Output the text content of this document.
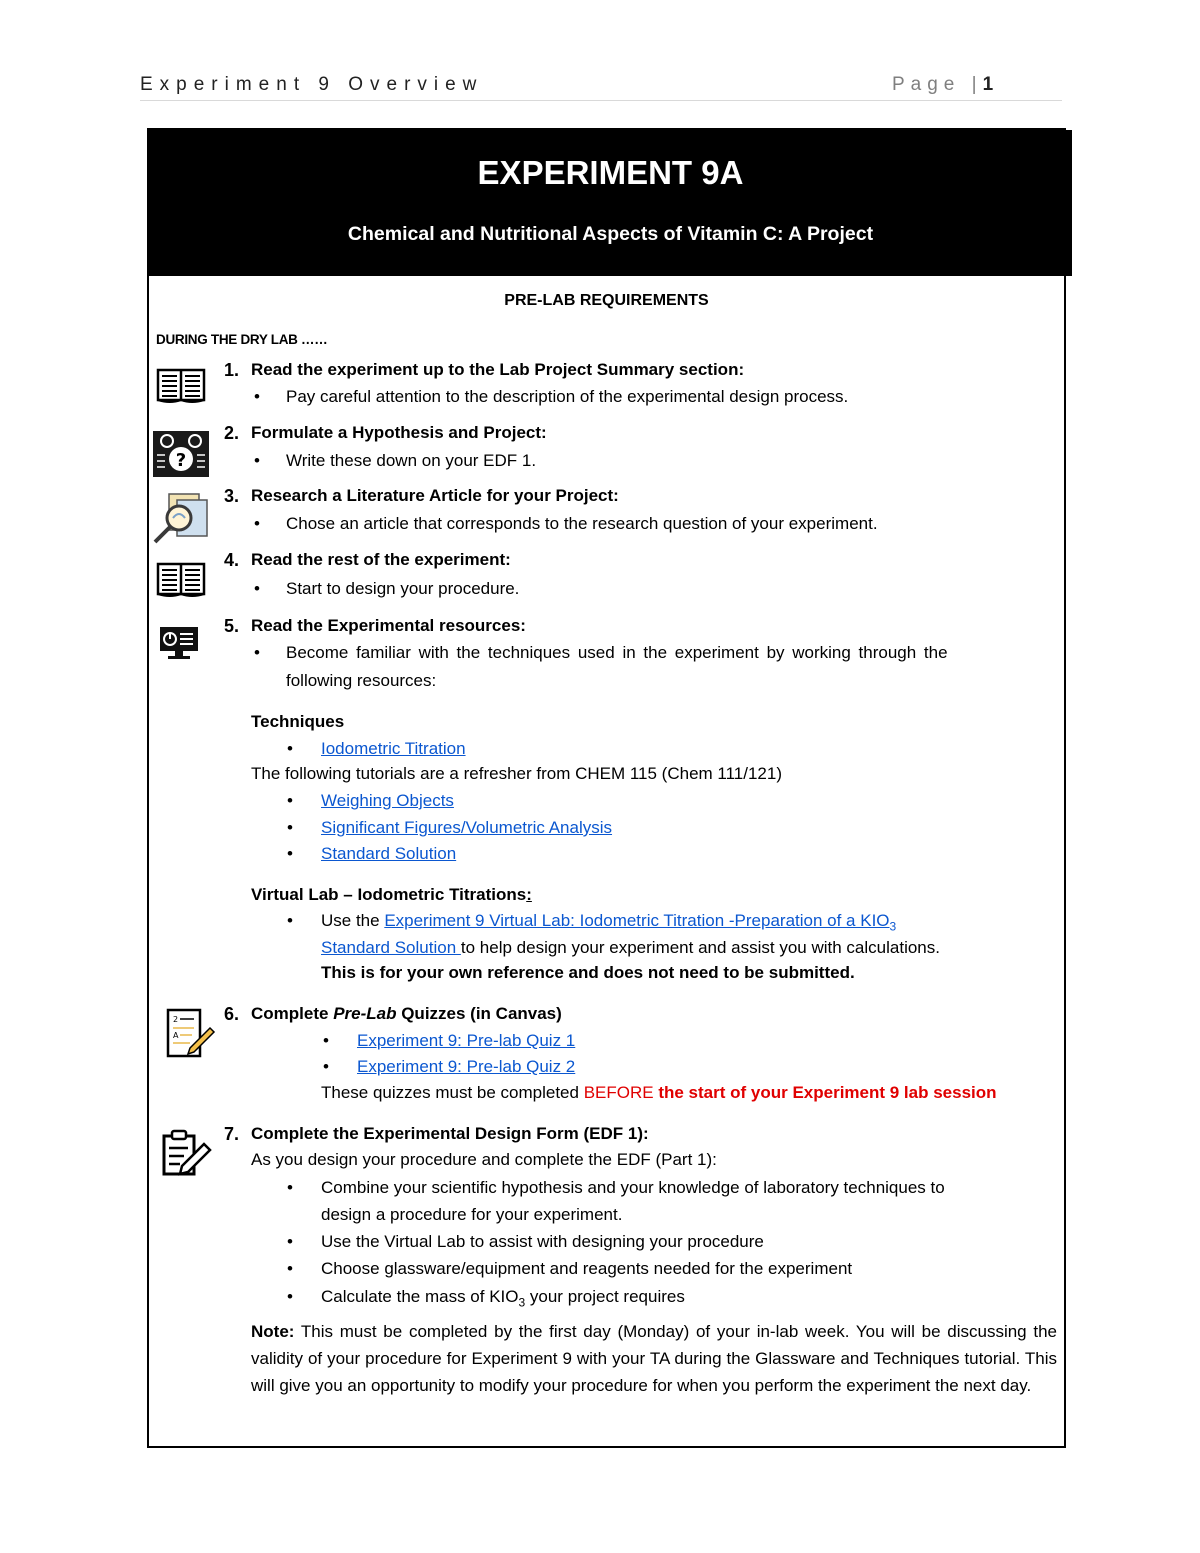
Experiment 9 Overview	Page |1
EXPERIMENT 9A
Chemical and Nutritional Aspects of Vitamin C: A Project
PRE-LAB REQUIREMENTS
DURING THE DRY LAB ……
1. Read the experiment up to the Lab Project Summary section:
• Pay careful attention to the description of the experimental design process.
?
2. Formulate a Hypothesis and Project:
• Write these down on your EDF 1.
3. Research a Literature Article for your Project:
• Chose an article that corresponds to the research question of your experiment.
4. Read the rest of the experiment:
• Start to design your procedure.
5. Read the Experimental resources:
• Become familiar with the techniques used in the experiment by working through the
following resources:
Techniques
• Iodometric Titration
The following tutorials are a refresher from CHEM 115 (Chem 111/121)
• Weighing Objects
• Significant Figures/Volumetric Analysis
• Standard Solution
Virtual Lab – Iodometric Titrations:
• Use the Experiment 9 Virtual Lab: Iodometric Titration -Preparation of a $KIO_3$
Standard Solution to help design your experiment and assist you with calculations.
This is for your own reference and does not need to be submitted.
2
A
6. Complete Pre-Lab Quizzes (in Canvas)
• Experiment 9: Pre-lab Quiz 1
• Experiment 9: Pre-lab Quiz 2
These quizzes must be completed BEFORE the start of your Experiment 9 lab session
7. Complete the Experimental Design Form (EDF 1):
As you design your procedure and complete the EDF (Part 1):
• Combine your scientific hypothesis and your knowledge of laboratory techniques to
design a procedure for your experiment.
• Use the Virtual Lab to assist with designing your procedure
• Choose glassware/equipment and reagents needed for the experiment
• Calculate the mass of $KIO_3$ your project requires
Note: This must be completed by the first day (Monday) of your in-lab week. You will be discussing the validity of your procedure for Experiment 9 with your TA during the Glassware and Techniques tutorial. This will give you an opportunity to modify your procedure for when you perform the experiment the next day.
